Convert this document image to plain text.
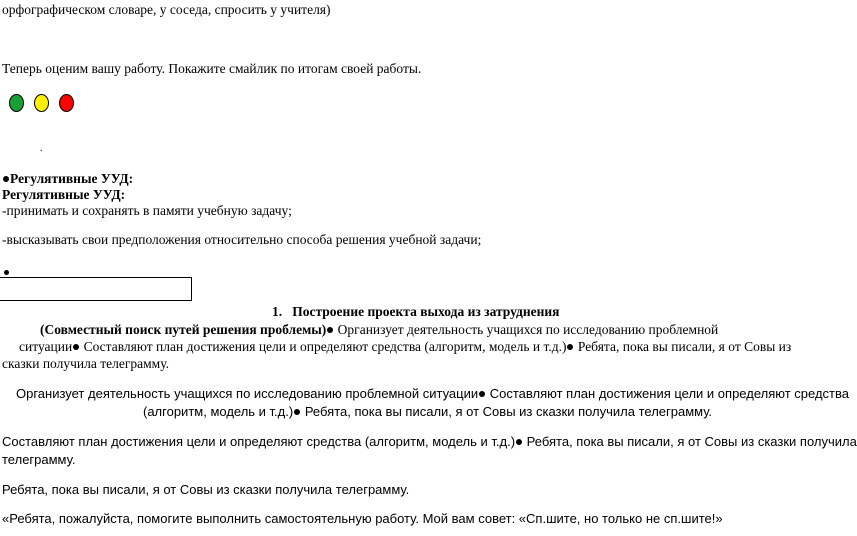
орфографическом словаре, у соседа, спросить у учителя)
Теперь оценим вашу работу. Покажите смайлик по итогам своей работы.
.
Регулятивные УУД:
Регулятивные УУД:
-принимать и сохранять в памяти учебную задачу;
-высказывать свои предположения относительно способа решения учебной задачи;
1. Построение проекта выхода из затруднения
(Совместный поиск путей решения проблемы) Организует деятельность учащихся по исследованию проблемной
ситуации Составляют план достижения цели и определяют средства (алгоритм, модель и т.д.) Ребята, пока вы писали, я от Совы из
сказки получила телеграмму.
Организует деятельность учащихся по исследованию проблемной ситуации Составляют план достижения цели и определяют средства
(алгоритм, модель и т.д.) Ребята, пока вы писали, я от Совы из сказки получила телеграмму.
Составляют план достижения цели и определяют средства (алгоритм, модель и т.д.) Ребята, пока вы писали, я от Совы из сказки получила
телеграмму.
Ребята, пока вы писали, я от Совы из сказки получила телеграмму.
«Ребята, пожалуйста, помогите выполнить самостоятельную работу. Мой вам совет: «Сп.шите, но только не сп.шите!»
